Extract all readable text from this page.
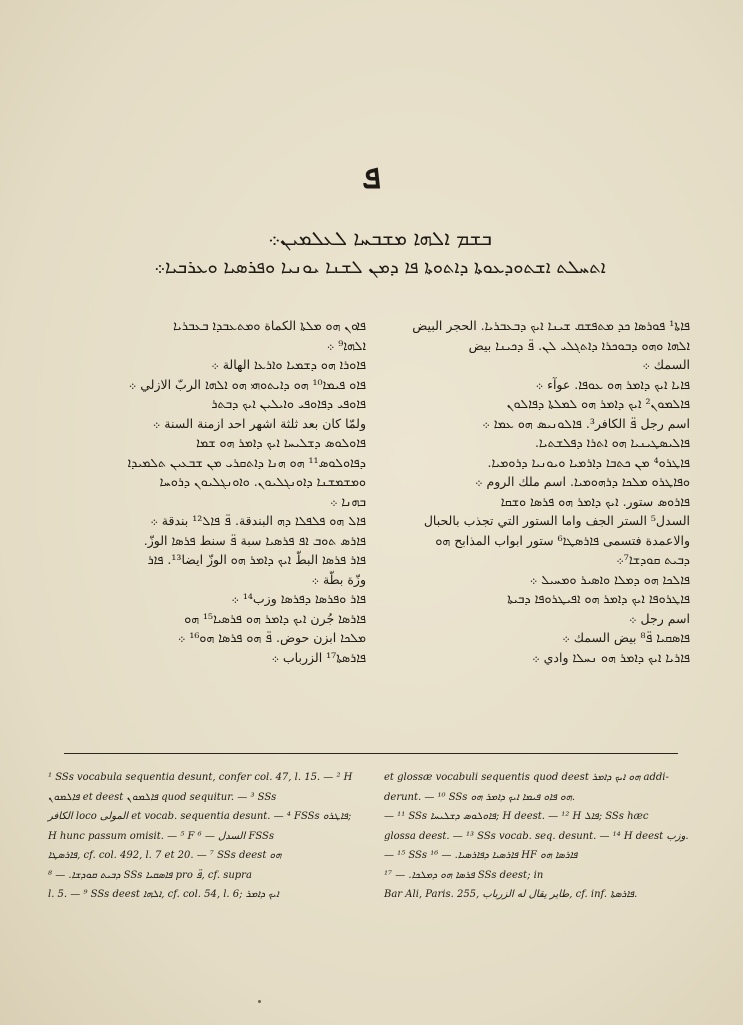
ܦ
ܒܫܡ ܐܠܗܐ ܡܫܒܚܐ ܠܥܠܡܝܢ܀
ܐܬܚܠܬ ܐܫܬܘܕܥܘܬܐ ܕܐܬܘܬܐ ܦܐ ܕܡܢ ܠܫܢܐ ܝܘܢܝܐ ܘܦܪܣܝܐ ܘܥܪܒܝܐ܀
ܦܐܬܐ¹ ܦܘܪܣܐ ܟܕ ܡܬܦܫܩ ܫܝܢܐ ܐܝܟ ܕܒܥܒܪܝܐ. الحجر البيض
ܐܠܗܐ ܘܗܘ ܕܒܘܟܪܐ ܕܐܬܓܠܝ ܠܢ. ܦ̈ ܕܟܝܢܐ بيض
السمك ܀
ܦܐܝܐ ܐܝܟ ܕܐܡܪ ܗܘ ܥܘܦܐ. عوآء ܀
ܦܐܠܡܘܢ² ܐܝܟ ܕܐܡܪ ܗܘ ܠܡܠܬܐ ܕܦܐܠܘܢ
اسم رجل ܦ̈ الكافر³. ܦܐܠܘܢܝܣ ܗܘ ܥܡܐ ܀
ܦܐܠܝܣܛܝܢܝܐ ܗܘ ܐܬܪܐ ܕܦܠܫܬܝܐ.
ܦܐܛܪܘ⁴ ܡܢ ܟܬܒܐ ܕܐܪܡܝܐ ܘܝܘܢܝܐ ܕܪܘܡܝܐ.
ܘܦܐܛܪܘ ܡܠܟܐ ܕܪܗܘܡܝܐ. اسم ملك الروم ܀
ܦܐܪܘܣ ستور. ܐܝܟ ܕܐܡܪ ܗܘ ܦܪܣܐ ܘܫܩܐ
السدل⁵ الستر الجف واما الستور التي تجذب بالحبال
والاعمدة فتسمى ܦܐܪܣܛܐ⁶ ستور ابواب المذابح ܗܘ
ܕܒܝܬ ܩܘܕܫܐ⁷܀
ܦܐܠܟܐ ܗܘ ܕܡܠܐ ܘܐܣܝܪ ܘܡܚܝܠ ܀
ܦܐܛܪܘܦܐ ܐܝܟ ܕܐܡܪ ܗܘ ܐܦܝܛܪܘܦܐ ܕܒܝܬܐ
اسم رجل ܀
ܦܐܣܩܝܐ ܦ̈⁸ بيض السمك ܀
ܦܐܪܝܐ ܐܝܟ ܕܐܡܪ ܗܘ ܢܚܠܐ وادي ܀
ܦܐܘܢ ܗܘ ܡܠܬܐ الكماة ܘܡܬܥܒܕܐ ܒܥܒܪܝܐ
ܐܠܗܐ⁹ ܀
ܦܐܘܪܐ ܗܘ ܕܫܡܝܐ ܘܐܪܥܐ الهالة ܀
ܦܐܘ ܦܝܡܐ¹⁰ ܗܘ ܕܐܝܬܘܗܝ ܗܘ ܐܠܗܐ الربّ الازلي ܀
ܦܐܘܦܝ ܕܦܐܘܦܝ ܘܐܝܠܝܢ ܐܝܟ ܕܒܬܪ
ولمّا كان بعد ثلثة اشهر احد ازمنة السنة ܀
ܦܐܘܠܘܣ ܕܫܠܝܚܐ ܐܝܟ ܕܐܡܪ ܗܘ ܫܡܐ
ܕܦܐܘܠܘܣ¹¹ ܗܘ ܗܢܐ ܕܐܬܩܪܝ ܡܢ ܫܒܥܝܢ ܬܠܡܝܕܐ
ܘܡܫܡܫܢܐ ܕܐܘܢܓܠܝܘܢ. ܘܐܘܢܓܠܝܘܢ ܕܪܘܚܐ
ܒܗܢܐ ܀
ܦܐܠ ܗܘ ܦܠܦܠܐ ܕܗ البندقة. ܦ̈ ܦܐܠ¹² بندقة ܀
ܦܐܪܣ ܬܘܒ ܐܦ ܦܪܣܝܐ سبة ܦ̈ سنط ܦܪܣܐ الوزّ.
ܦܐܪ ܦܪܣܐ البطّ ܐܝܟ ܕܐܡܪ ܗܘ الوزّ ايضا¹³. ܦܐܪ
وزّة بطّة ܀
ܦܐܪ ܘܦܪܣܐ ܕܦܪܣܐ وزب¹⁴ ܀
ܦܐܪܣܐ جُرن ܐܝܟ ܕܐܡܪ ܗܘ ܦܪܣܝܐ¹⁵ ܗܘ
ܡܠܟܐ ابزن حوض. ܦ̈ ܗܘ ܦܪܣܐ ܗܘ¹⁶ ܀
ܦܐܪܣܬܐ¹⁷ الزرباب ܀
¹ SSs vocabula sequentia desunt, confer col. 47, l. 15. — ² H
ܦܐܠܡܘܢ et deest ܦܐܠܡܘܢ quod sequitur. — ³ SSs
الكافر loco المولى et vocab. sequentia desunt. — ⁴ FSSs ܦܐܛܪܘ;
H hunc passum omisit. — ⁵ F السدل — ⁶ FSSs
ܦܐܪܣܛܐ, cf. col. 492, l. 7 et 20. — ⁷ SSs deest ܗܘ
ܕܒܝܬ ܩܘܕܫܐ. — ⁸ SSs ܦܐܣܩܝܐ pro ܦ̈, cf. supra
l. 5. — ⁹ SSs deest ܐܠܗܐ, cf. col. 54, l. 6; ܐܝܟ ܕܐܡܪ
et glossæ vocabuli sequentis quod deest ܗܘ ܐܝܟ ܕܐܡܪ addi-
derunt. — ¹⁰ SSs ܗܘ ܦܐܘ ܦܝܡܐ ܐܝܟ ܕܐܡܪ ܗܘ.
— ¹¹ SSs ܦܐܘܠܘܣ ܕܫܠܝܚܐ; H deest. — ¹² H ܦܐܠ; SSs hæc
glossa deest. — ¹³ SSs vocab. seq. desunt. — ¹⁴ H deest وزب.
— ¹⁵ SSs ܦܐܪܣܝܐ ܕܦܐܪܣܝܐ. — ¹⁶ HF ܦܐܪܣܐ ܗܘ
ܦܪܣܐ ܗܘ ܕܡܠܟܐ. — ¹⁷ SSs deest; in
Bar Ali, Paris. 255, طاير يقال له الزرباب, cf. inf. ܦܐܪܣܬܐ.
